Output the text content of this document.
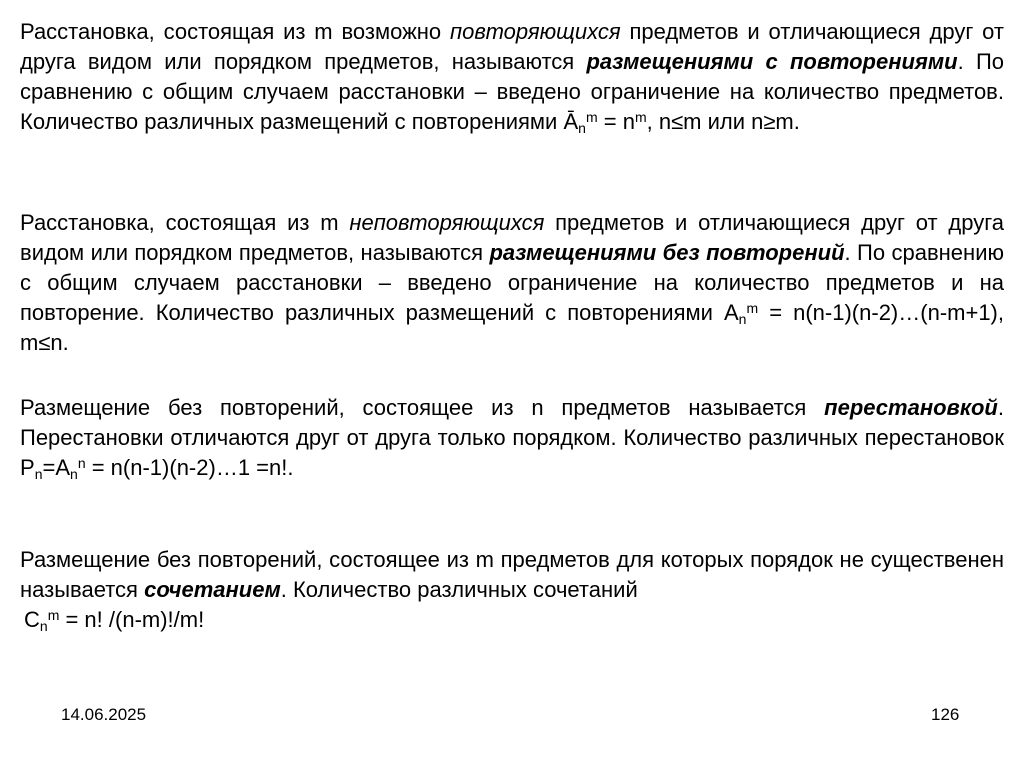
Расстановка, состоящая из m возможно повторяющихся предметов и отличающиеся друг от друга видом или порядком предметов, называются размещениями с повторениями. По сравнению с общим случаем расстановки – введено ограничение на количество предметов. Количество различных размещений с повторениями $Ā_n^m = n^m$, n≤m или n≥m.

Расстановка, состоящая из m неповторяющихся предметов и отличающиеся друг от друга видом или порядком предметов, называются размещениями без повторений. По сравнению с общим случаем расстановки – введено ограничение на количество предметов и на повторение. Количество различных размещений с повторениями $A_n^m$ = n(n-1)(n-2)…(n-m+1), m≤n.

Размещение без повторений, состоящее из n предметов называется перестановкой. Перестановки отличаются друг от друга только порядком. Количество различных перестановок $P_n=A_n^n$ = n(n-1)(n-2)…1 =n!.

Размещение без повторений, состоящее из m предметов для которых порядок не существенен называется сочетанием. Количество различных сочетаний
$C_n^m = n$! /(n-m)!/m!

14.06.2025	126
